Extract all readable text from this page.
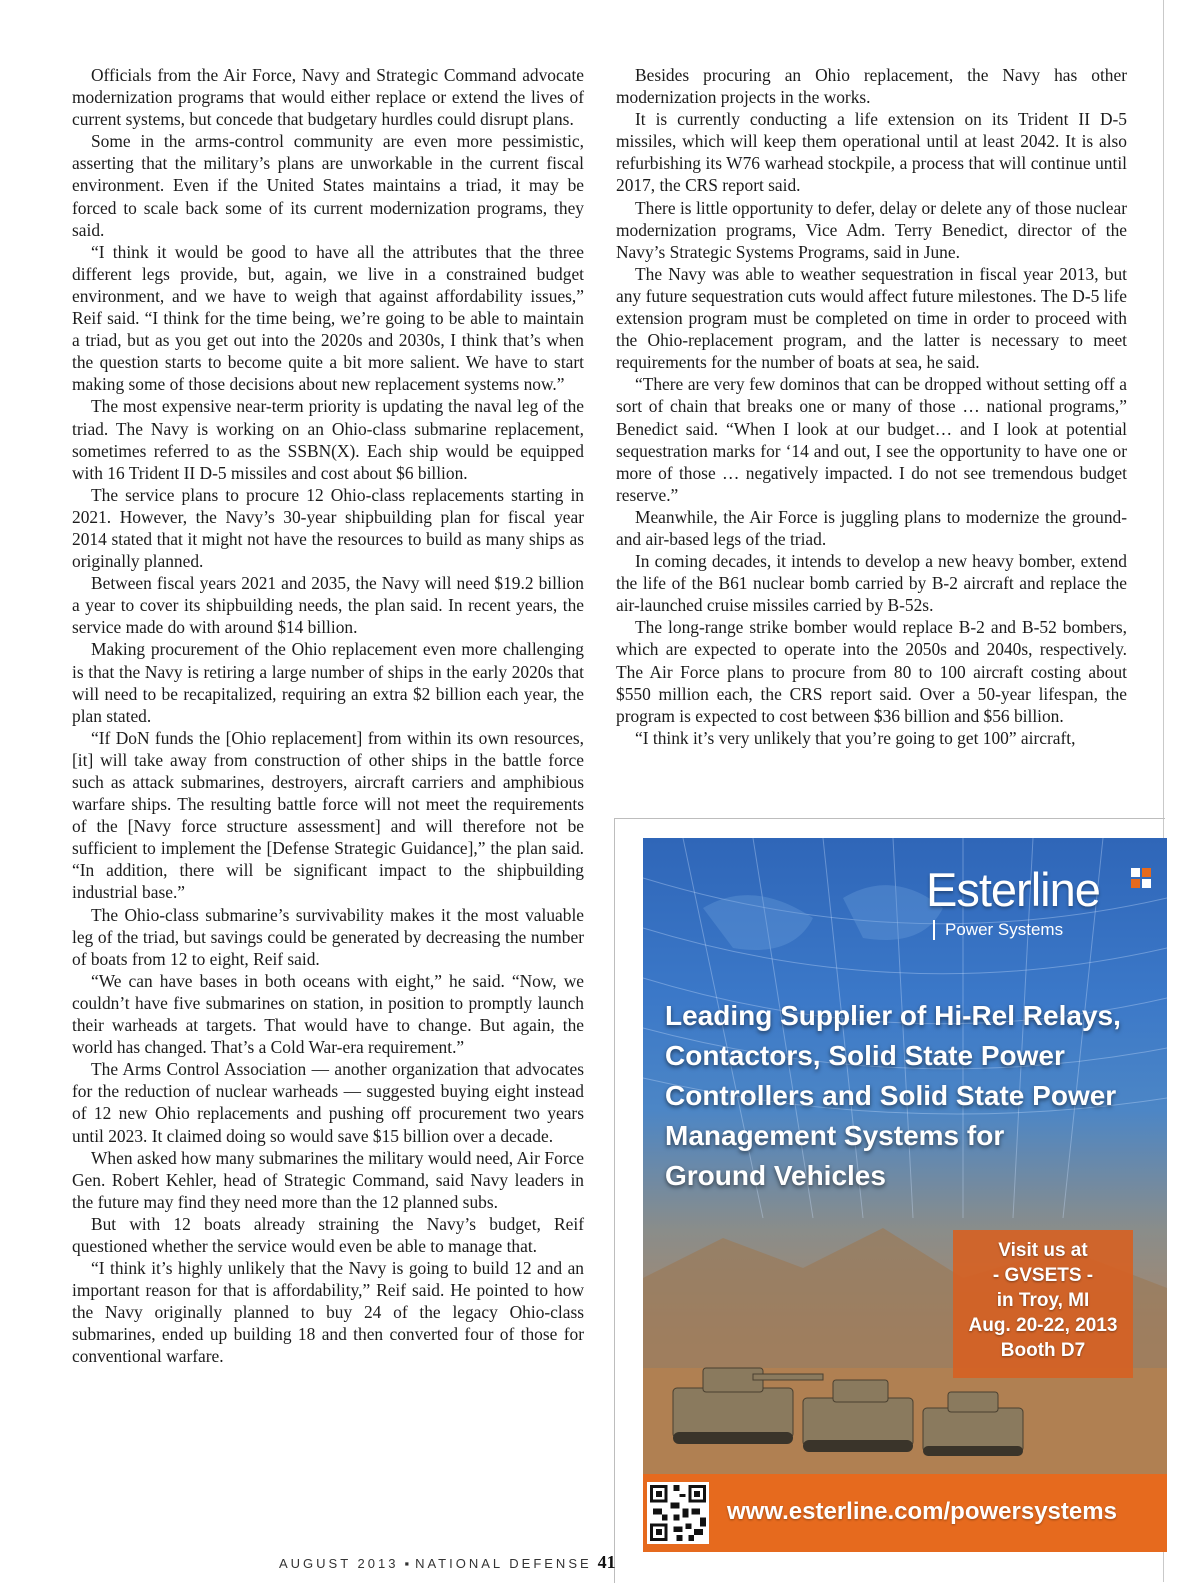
Officials from the Air Force, Navy and Strategic Command advocate modernization programs that would either replace or extend the lives of current systems, but concede that budgetary hurdles could disrupt plans.

Some in the arms-control community are even more pessimistic, asserting that the military’s plans are unworkable in the current fiscal environment. Even if the United States maintains a triad, it may be forced to scale back some of its current modernization programs, they said.

“I think it would be good to have all the attributes that the three different legs provide, but, again, we live in a constrained budget environment, and we have to weigh that against affordability issues,” Reif said. “I think for the time being, we’re going to be able to maintain a triad, but as you get out into the 2020s and 2030s, I think that’s when the question starts to become quite a bit more salient. We have to start making some of those decisions about new replacement systems now.”

The most expensive near-term priority is updating the naval leg of the triad. The Navy is working on an Ohio-class submarine replacement, sometimes referred to as the SSBN(X). Each ship would be equipped with 16 Trident II D-5 missiles and cost about $6 billion.

The service plans to procure 12 Ohio-class replacements starting in 2021. However, the Navy’s 30-year shipbuilding plan for fiscal year 2014 stated that it might not have the resources to build as many ships as originally planned.

Between fiscal years 2021 and 2035, the Navy will need $19.2 billion a year to cover its shipbuilding needs, the plan said. In recent years, the service made do with around $14 billion.

Making procurement of the Ohio replacement even more challenging is that the Navy is retiring a large number of ships in the early 2020s that will need to be recapitalized, requiring an extra $2 billion each year, the plan stated.

“If DoN funds the [Ohio replacement] from within its own resources, [it] will take away from construction of other ships in the battle force such as attack submarines, destroyers, aircraft carriers and amphibious warfare ships. The resulting battle force will not meet the requirements of the [Navy force structure assessment] and will therefore not be sufficient to implement the [Defense Strategic Guidance],” the plan said. “In addition, there will be significant impact to the shipbuilding industrial base.”

The Ohio-class submarine’s survivability makes it the most valuable leg of the triad, but savings could be generated by decreasing the number of boats from 12 to eight, Reif said.

“We can have bases in both oceans with eight,” he said. “Now, we couldn’t have five submarines on station, in position to promptly launch their warheads at targets. That would have to change. But again, the world has changed. That’s a Cold War-era requirement.”

The Arms Control Association — another organization that advocates for the reduction of nuclear warheads — suggested buying eight instead of 12 new Ohio replacements and pushing off procurement two years until 2023. It claimed doing so would save $15 billion over a decade.

When asked how many submarines the military would need, Air Force Gen. Robert Kehler, head of Strategic Command, said Navy leaders in the future may find they need more than the 12 planned subs.

But with 12 boats already straining the Navy’s budget, Reif questioned whether the service would even be able to manage that.

“I think it’s highly unlikely that the Navy is going to build 12 and an important reason for that is affordability,” Reif said. He pointed to how the Navy originally planned to buy 24 of the legacy Ohio-class submarines, ended up building 18 and then converted four of those for conventional warfare.

Besides procuring an Ohio replacement, the Navy has other modernization projects in the works.

It is currently conducting a life extension on its Trident II D-5 missiles, which will keep them operational until at least 2042. It is also refurbishing its W76 warhead stockpile, a process that will continue until 2017, the CRS report said.

There is little opportunity to defer, delay or delete any of those nuclear modernization programs, Vice Adm. Terry Benedict, director of the Navy’s Strategic Systems Programs, said in June.

The Navy was able to weather sequestration in fiscal year 2013, but any future sequestration cuts would affect future milestones. The D-5 life extension program must be completed on time in order to proceed with the Ohio-replacement program, and the latter is necessary to meet requirements for the number of boats at sea, he said.

“There are very few dominos that can be dropped without setting off a sort of chain that breaks one or many of those … national programs,” Benedict said. “When I look at our budget… and I look at potential sequestration marks for ‘14 and out, I see the opportunity to have one or more of those … negatively impacted. I do not see tremendous budget reserve.”

Meanwhile, the Air Force is juggling plans to modernize the ground- and air-based legs of the triad.

In coming decades, it intends to develop a new heavy bomber, extend the life of the B61 nuclear bomb carried by B-2 aircraft and replace the air-launched cruise missiles carried by B-52s.

The long-range strike bomber would replace B-2 and B-52 bombers, which are expected to operate into the 2050s and 2040s, respectively. The Air Force plans to procure from 80 to 100 aircraft costing about $550 million each, the CRS report said. Over a 50-year lifespan, the program is expected to cost between $36 billion and $56 billion.

“I think it’s very unlikely that you’re going to get 100” aircraft,

Esterline
Power Systems
Leading Supplier of Hi-Rel Relays,
Contactors, Solid State Power
Controllers and Solid State Power
Management Systems for
Ground Vehicles
Visit us at
- GVSETS -
in Troy, MI
Aug. 20-22, 2013
Booth D7
www.esterline.com/powersystems
AUGUST 2013 ▪ NATIONAL DEFENSE 41
